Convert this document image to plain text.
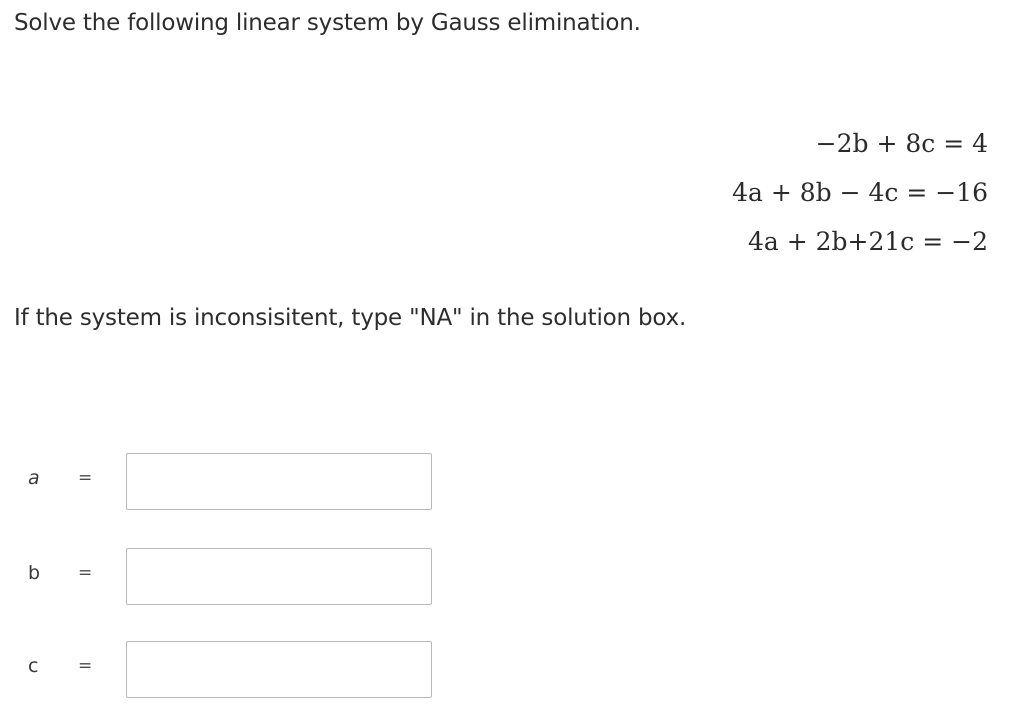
Solve the following linear system by Gauss elimination.
−2b + 8c = 4
4a + 8b − 4c = −16
4a + 2b+21c = −2
If the system is inconsisitent, type "NA" in the solution box.
a =
b =
c =
